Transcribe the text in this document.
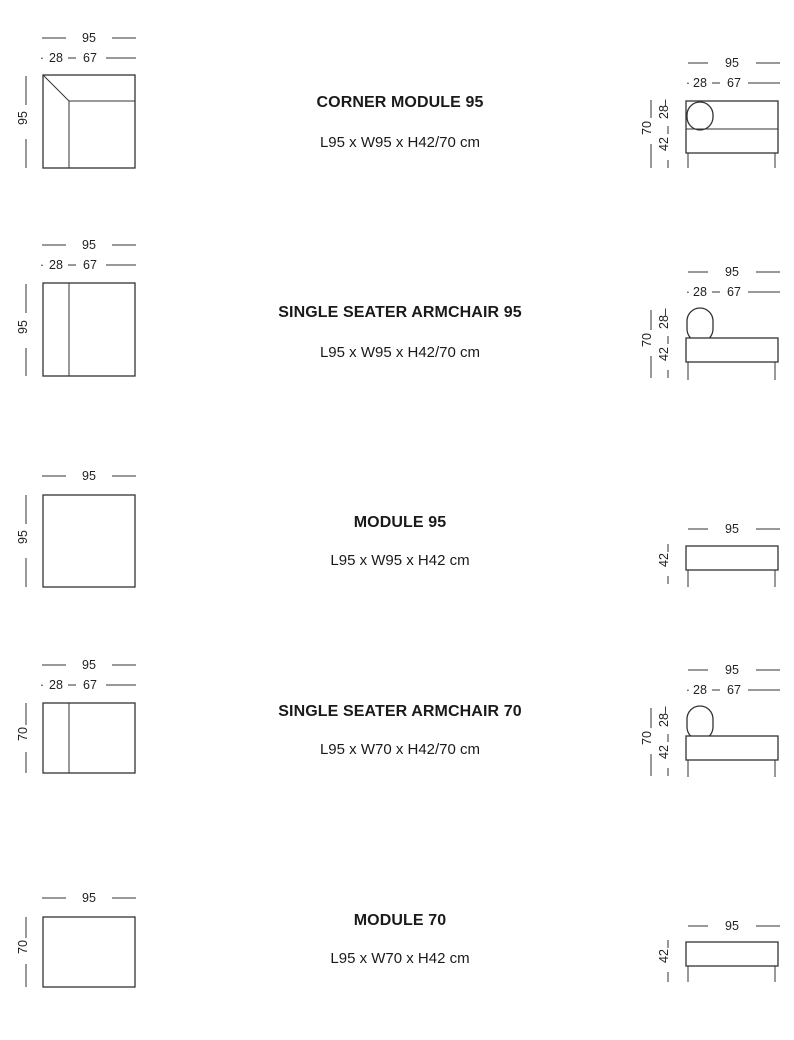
95
· 28 67
95
CORNER MODULE 95
L95 x W95 x H42/70 cm
95
· 28 67
70
–
28
42
95
· 28 67
95
SINGLE SEATER ARMCHAIR 95
L95 x W95 x H42/70 cm
95
· 28 67
70
–
28
42
95
95
MODULE 95
L95 x W95 x H42 cm
95
42
95
· 28 67
70
SINGLE SEATER ARMCHAIR 70
L95 x W70 x H42/70 cm
95
· 28 67
70
–
28
42
95
70
MODULE 70
L95 x W70 x H42 cm
95
42
